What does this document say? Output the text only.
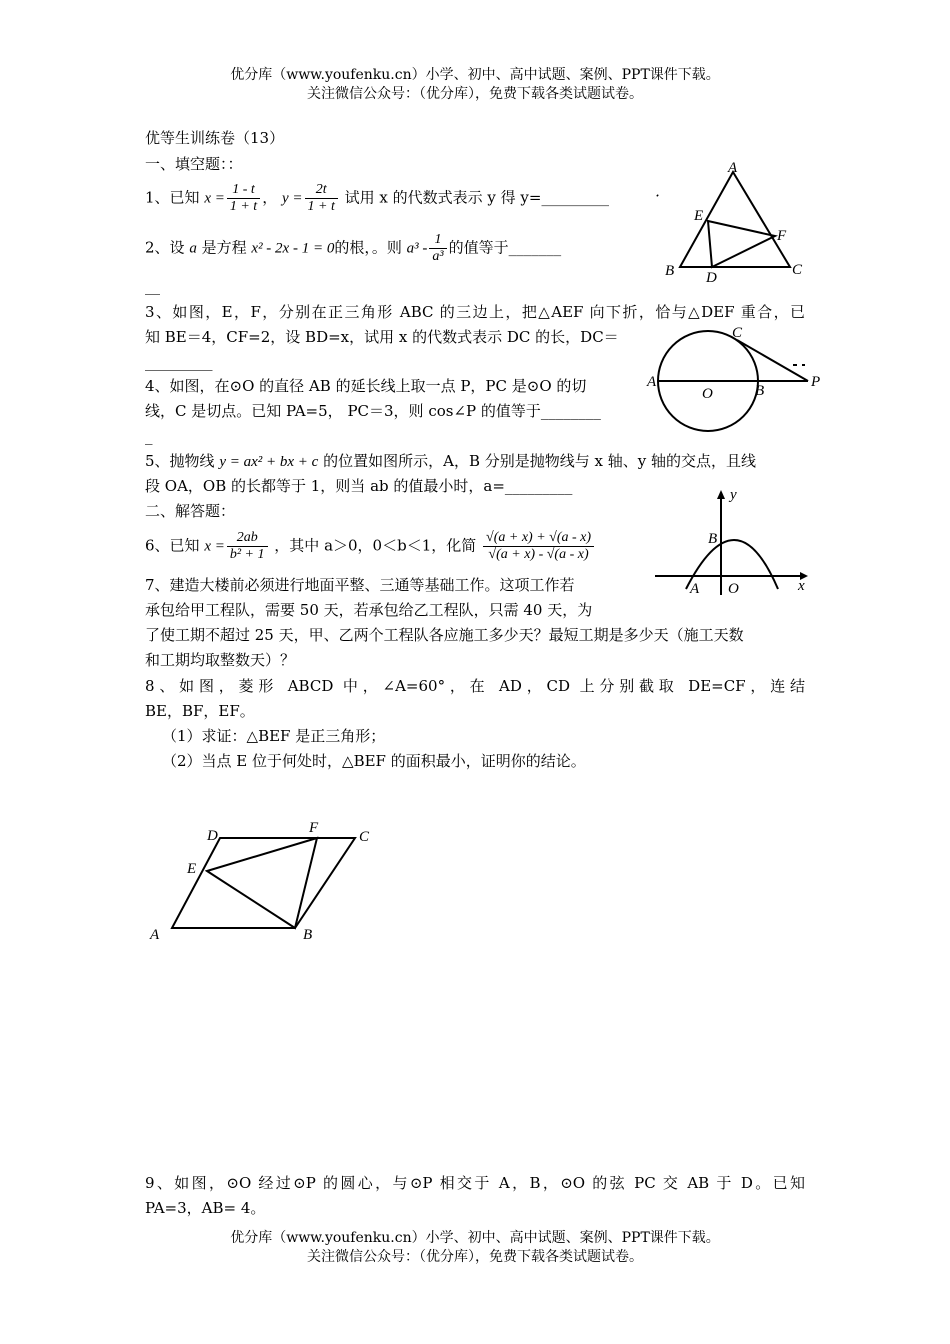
优分库（www.youfenku.cn）小学、初中、高中试题、案例、PPT课件下载。
关注微信公众号：（优分库），免费下载各类试题试卷。
优等生训练卷（13）
一、填空题：：
1、已知 $x = \frac{1 - t}{1 + t}$ ， $y = \frac{2t}{1 + t}$ 试用 x 的代数式表示 y 得 y=_________
2、设 a 是方程 x² - 2x - 1 = 0的根，。则 $a^3 - \frac{1}{\text{a³}}$ 的值等于_______
__
3、如图，E，F，分别在正三角形 ABC 的三边上，把△AEF 向下折，恰与△DEF 重合，已
知 BE＝4，CF=2，设 BD=x，试用 x 的代数式表示 DC 的长，DC＝
_________
4、如图，在⊙O 的直径 AB 的延长线上取一点 P，PC 是⊙O 的切
线，C 是切点。已知 PA=5， PC＝3，则 cos∠P 的值等于________
_
5、抛物线 y = ax² + bx + c 的位置如图所示，A，B 分别是抛物线与 x 轴、y 轴的交点，且线
段 OA，OB 的长都等于 1，则当 ab 的值最小时，a=_________
二、解答题：
6、已知 $x = \frac{2ab}{\text{b² + 1}}$ ，其中 a＞0，0＜b＜1，化简 $\frac{√(a + x) + √(a - x)}{√(a + x) - √(a - x)}$
7、建造大楼前必须进行地面平整、三通等基础工作。这项工作若
承包给甲工程队，需要 50 天，若承包给乙工程队，只需 40 天，为
了使工期不超过 25 天，甲、乙两个工程队各应施工多少天？最短工期是多少天（施工天数
和工期均取整数天）？
8、如图，菱形 ABCD 中，∠A=60°，在 AD，CD 上分别截取 DE=CF，连结
BE，BF，EF。
（1）求证：△BEF 是正三角形；
（2）当点 E 位于何处时，△BEF 的面积最小，证明你的结论。
9、如图，⊙O 经过⊙P 的圆心，与⊙P 相交于 A，B，⊙O 的弦 PC 交 AB 于 D。已知
PA=3，AB= 4。
优分库（www.youfenku.cn）小学、初中、高中试题、案例、PPT课件下载。
关注微信公众号：（优分库），免费下载各类试题试卷。
A
B	C
D
E
F
A
O	B
C
P
y
x
B
A O
A	B
C
D
E
F
